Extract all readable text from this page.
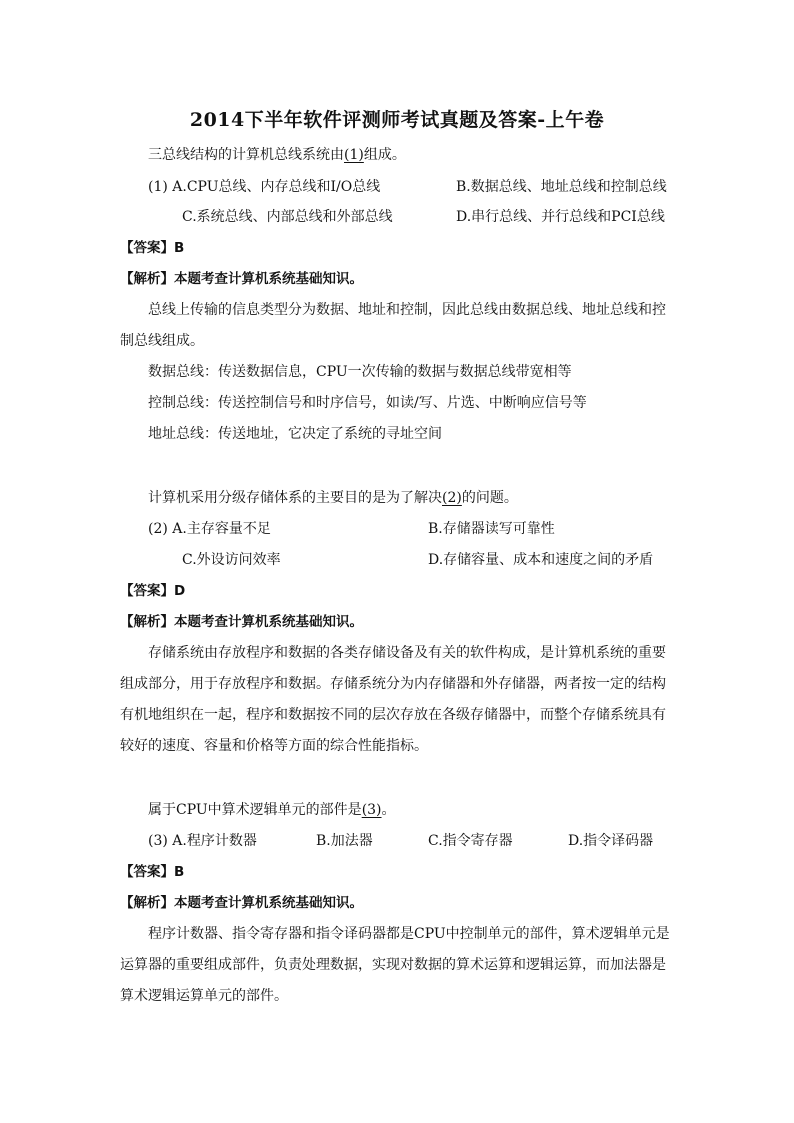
2014下半年软件评测师考试真题及答案-上午卷
三总线结构的计算机总线系统由(1)组成。
(1) A.CPU总线、内存总线和I/O总线	B.数据总线、地址总线和控制总线
C.系统总线、内部总线和外部总线	D.串行总线、并行总线和PCI总线
【答案】B
【解析】本题考查计算机系统基础知识。
总线上传输的信息类型分为数据、地址和控制，因此总线由数据总线、地址总线和控
制总线组成。
数据总线：传送数据信息，CPU一次传输的数据与数据总线带宽相等
控制总线：传送控制信号和时序信号，如读/写、片选、中断响应信号等
地址总线：传送地址，它决定了系统的寻址空间
计算机采用分级存储体系的主要目的是为了解决(2)的问题。
(2) A.主存容量不足	B.存储器读写可靠性
C.外设访问效率	D.存储容量、成本和速度之间的矛盾
【答案】D
【解析】本题考查计算机系统基础知识。
存储系统由存放程序和数据的各类存储设备及有关的软件构成，是计算机系统的重要
组成部分，用于存放程序和数据。存储系统分为内存储器和外存储器，两者按一定的结构
有机地组织在一起，程序和数据按不同的层次存放在各级存储器中，而整个存储系统具有
较好的速度、容量和价格等方面的综合性能指标。
属于CPU中算术逻辑单元的部件是(3)。
(3) A.程序计数器	B.加法器	C.指令寄存器	D.指令译码器
【答案】B
【解析】本题考查计算机系统基础知识。
程序计数器、指令寄存器和指令译码器都是CPU中控制单元的部件，算术逻辑单元是
运算器的重要组成部件，负责处理数据，实现对数据的算术运算和逻辑运算，而加法器是
算术逻辑运算单元的部件。
